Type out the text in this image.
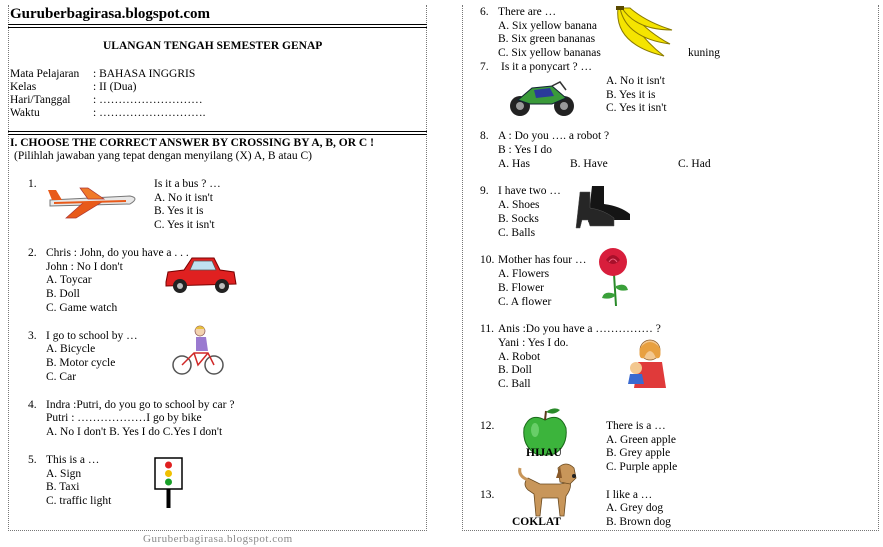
Guruberbagirasa.blogspot.com
ULANGAN TENGAH SEMESTER GENAP
Mata Pelajaran : BAHASA INGGRIS
Kelas	: II (Dua)
Hari/Tanggal : ………………………
Waktu	: ……………………….
I. CHOOSE THE CORRECT ANSWER BY CROSSING BY A, B, OR C !
(Pilihlah jawaban yang tepat dengan menyilang (X) A, B atau C)
1.	Is it a bus ? …
A. No it isn't
B. Yes it is
C. Yes it isn't
2. Chris : John, do you have a . . .
John : No I don't
A. Toycar
B. Doll
C. Game watch
3. I go to school by …
A. Bicycle
B. Motor cycle
C. Car
4. Indra :Putri, do you go to school by car ?
Putri : ………………I go by bike
A. No I don't B. Yes I do C.Yes I don't
5. This is a …
A. Sign
B. Taxi
C. traffic light
6. There are …
A. Six yellow banana
B. Six green bananas
C. Six yellow bananas	kuning
7. Is it a ponycart ? …
A. No it isn't
B. Yes it is
C. Yes it isn't
8. A : Do you …. a robot ?
B : Yes I do
A. Has	B. Have	C. Had
9. I have two …
A. Shoes
B. Socks
C. Balls
10. Mother has four …
A. Flowers
B. Flower
C. A flower
11. Anis :Do you have a …………… ?
Yani : Yes I do.
A. Robot
B. Doll
C. Ball
12.
HIJAU
There is a …
A. Green apple
B. Grey apple
C. Purple apple
13.
COKLAT
I like a …
A. Grey dog
B. Brown dog
Guruberbagirasa.blogspot.com
